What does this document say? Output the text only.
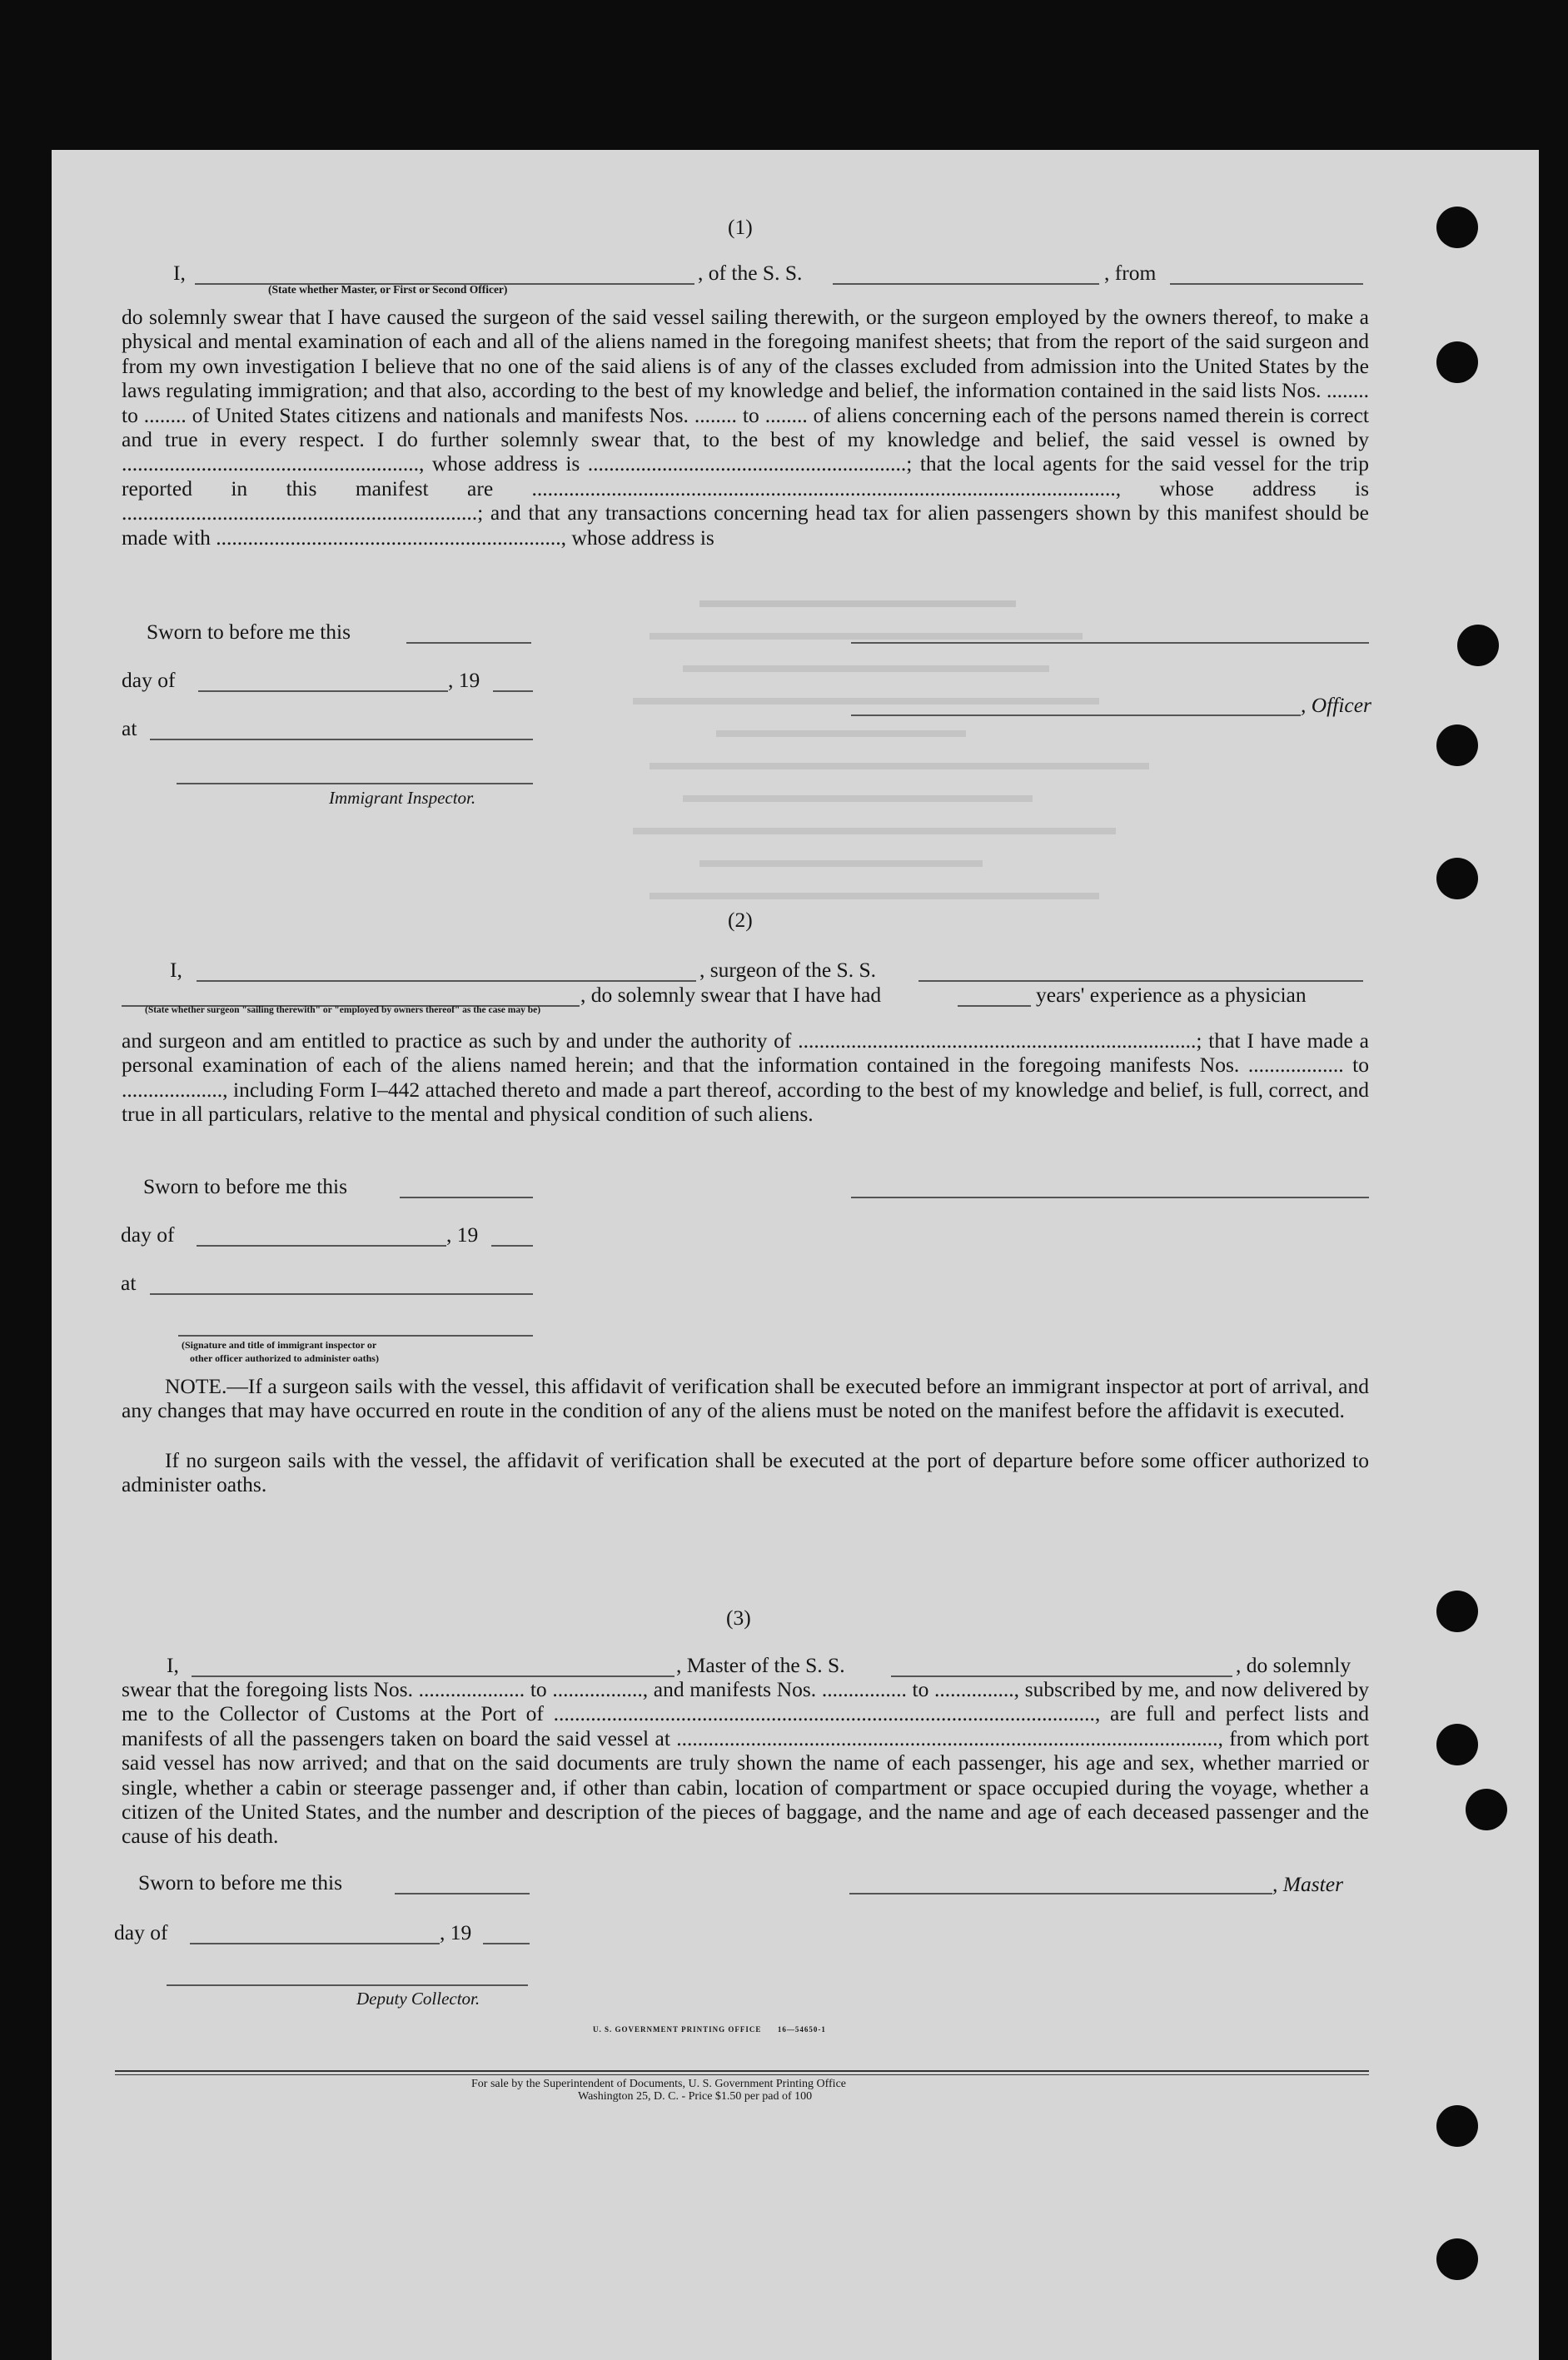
(1)
I,
(State whether Master, or First or Second Officer)
, of the S. S.	, from
do solemnly swear that I have caused the surgeon of the said vessel sailing therewith, or the surgeon employed by the owners thereof, to make a physical and mental examination of each and all of the aliens named in the foregoing manifest sheets; that from the report of the said surgeon and from my own investigation I believe that no one of the said aliens is of any of the classes excluded from admission into the United States by the laws regulating immigration; and that also, according to the best of my knowledge and belief, the information contained in the said lists Nos. ........ to ........ of United States citizens and nationals and manifests Nos. ........ to ........ of aliens concerning each of the persons named therein is correct and true in every respect. I do further solemnly swear that, to the best of my knowledge and belief, the said vessel is owned by ........................................................, whose address is ............................................................; that the local agents for the said vessel for the trip reported in this manifest are .............................................................................................................., whose address is ...................................................................; and that any transactions concerning head tax for alien passengers shown by this manifest should be made with ................................................................., whose address is
Sworn to before me this
day of	, 19
, Officer
at
Immigrant Inspector.
(2)
I,	, surgeon of the S. S.
(State whether surgeon "sailing therewith" or "employed by owners thereof" as the case may be)
, do solemnly swear that I have had	years' experience as a physician
and surgeon and am entitled to practice as such by and under the authority of ...........................................................................; that I have made a personal examination of each of the aliens named herein; and that the information contained in the foregoing manifests Nos. .................. to ..................., including Form I–442 attached thereto and made a part thereof, according to the best of my knowledge and belief, is full, correct, and true in all particulars, relative to the mental and physical condition of such aliens.
Sworn to before me this
day of	, 19
at
(Signature and title of immigrant inspector or
other officer authorized to administer oaths)
NOTE.—If a surgeon sails with the vessel, this affidavit of verification shall be executed before an immigrant inspector at port of arrival, and any changes that may have occurred en route in the condition of any of the aliens must be noted on the manifest before the affidavit is executed.
If no surgeon sails with the vessel, the affidavit of verification shall be executed at the port of departure before some officer authorized to administer oaths.
(3)
I,	, Master of the S. S.	, do solemnly
swear that the foregoing lists Nos. .................... to ................., and manifests Nos. ................ to ..............., subscribed by me, and now delivered by me to the Collector of Customs at the Port of ......................................................................................................, are full and perfect lists and manifests of all the passengers taken on board the said vessel at ......................................................................................................, from which port said vessel has now arrived; and that on the said documents are truly shown the name of each passenger, his age and sex, whether married or single, whether a cabin or steerage passenger and, if other than cabin, location of compartment or space occupied during the voyage, whether a citizen of the United States, and the number and description of the pieces of baggage, and the name and age of each deceased passenger and the cause of his death.
Sworn to before me this	, Master
day of	, 19
Deputy Collector.
U. S. GOVERNMENT PRINTING OFFICE      16—54650-1
For sale by the Superintendent of Documents, U. S. Government Printing Office
Washington 25, D. C. - Price $1.50 per pad of 100
